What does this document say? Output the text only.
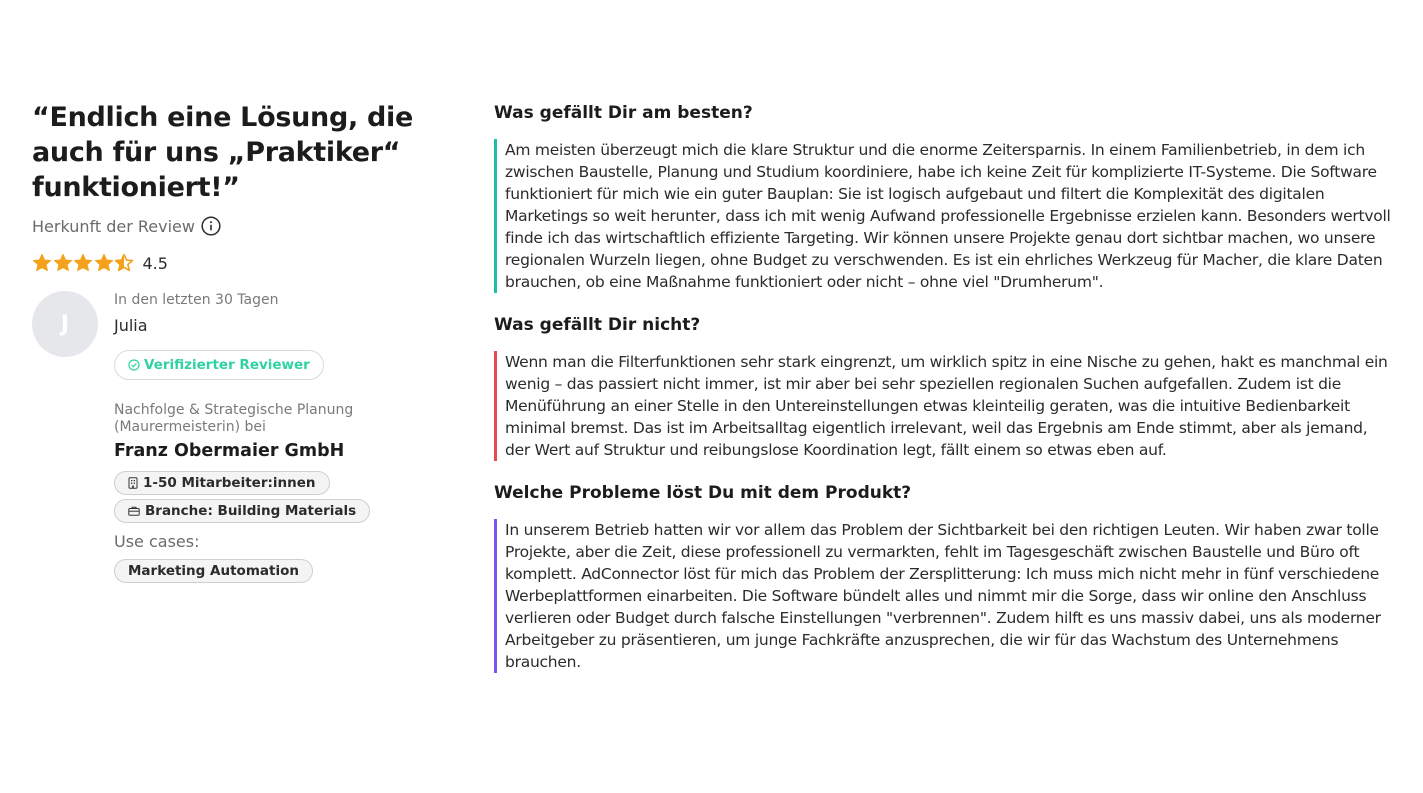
“Endlich eine Lösung, die auch für uns „Praktiker“ funktioniert!”
Herkunft der Review
4.5
J
In den letzten 30 Tagen
Julia
Verifizierter Reviewer
Nachfolge & Strategische Planung (Maurermeisterin) bei
Franz Obermaier GmbH
1-50 Mitarbeiter:innen
Branche: Building Materials
Use cases:
Marketing Automation
Was gefällt Dir am besten?
Am meisten überzeugt mich die klare Struktur und die enorme Zeitersparnis. In einem Familienbetrieb, in dem ich zwischen Baustelle, Planung und Studium koordiniere, habe ich keine Zeit für komplizierte IT-Systeme. Die Software funktioniert für mich wie ein guter Bauplan: Sie ist logisch aufgebaut und filtert die Komplexität des digitalen Marketings so weit herunter, dass ich mit wenig Aufwand professionelle Ergebnisse erzielen kann. Besonders wertvoll finde ich das wirtschaftlich effiziente Targeting. Wir können unsere Projekte genau dort sichtbar machen, wo unsere regionalen Wurzeln liegen, ohne Budget zu verschwenden. Es ist ein ehrliches Werkzeug für Macher, die klare Daten brauchen, ob eine Maßnahme funktioniert oder nicht – ohne viel "Drumherum".
Was gefällt Dir nicht?
Wenn man die Filterfunktionen sehr stark eingrenzt, um wirklich spitz in eine Nische zu gehen, hakt es manchmal ein wenig – das passiert nicht immer, ist mir aber bei sehr speziellen regionalen Suchen aufgefallen. Zudem ist die Menüführung an einer Stelle in den Untereinstellungen etwas kleinteilig geraten, was die intuitive Bedienbarkeit minimal bremst. Das ist im Arbeitsalltag eigentlich irrelevant, weil das Ergebnis am Ende stimmt, aber als jemand, der Wert auf Struktur und reibungslose Koordination legt, fällt einem so etwas eben auf.
Welche Probleme löst Du mit dem Produkt?
In unserem Betrieb hatten wir vor allem das Problem der Sichtbarkeit bei den richtigen Leuten. Wir haben zwar tolle Projekte, aber die Zeit, diese professionell zu vermarkten, fehlt im Tagesgeschäft zwischen Baustelle und Büro oft komplett. AdConnector löst für mich das Problem der Zersplitterung: Ich muss mich nicht mehr in fünf verschiedene Werbeplattformen einarbeiten. Die Software bündelt alles und nimmt mir die Sorge, dass wir online den Anschluss verlieren oder Budget durch falsche Einstellungen "verbrennen". Zudem hilft es uns massiv dabei, uns als moderner Arbeitgeber zu präsentieren, um junge Fachkräfte anzusprechen, die wir für das Wachstum des Unternehmens brauchen.
